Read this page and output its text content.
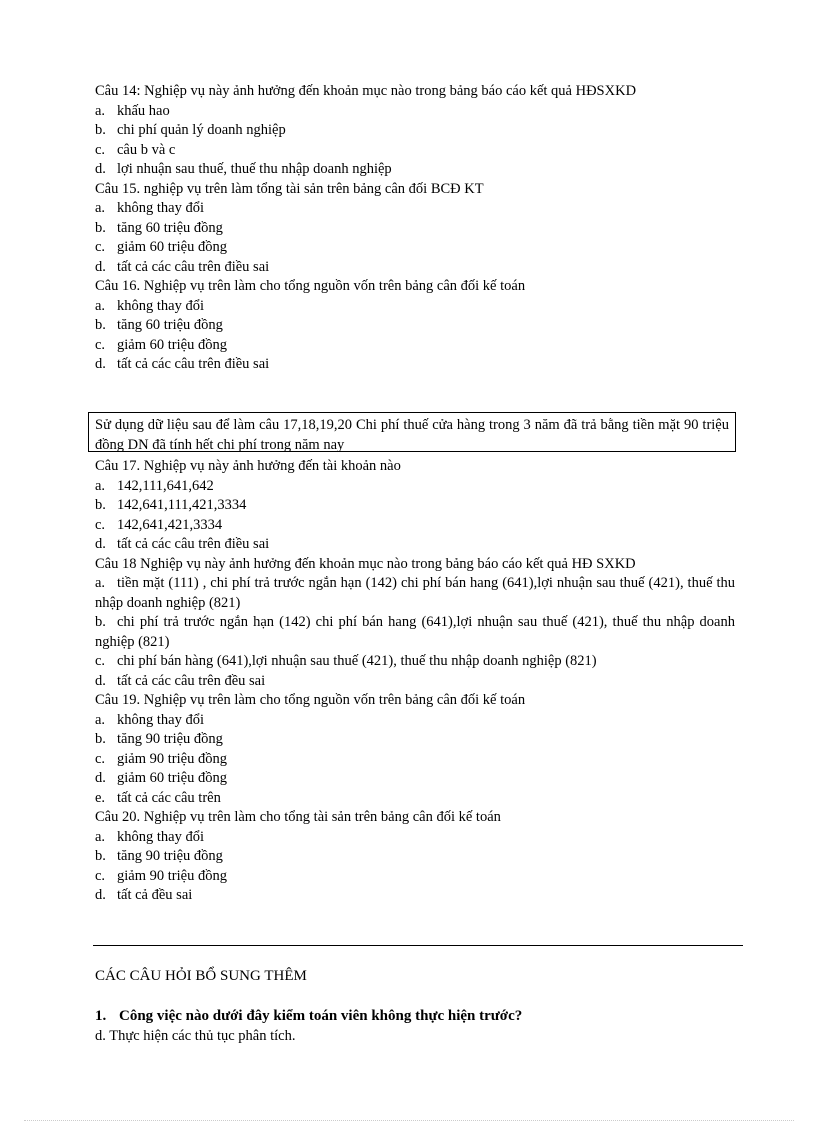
Câu 14: Nghiệp vụ này ảnh hưởng đến khoản mục nào trong bảng báo cáo kết quả HĐSXKD
a. khấu hao
b. chi phí quản lý doanh nghiệp
c. câu b và c
d. lợi nhuận sau thuế, thuế thu nhập doanh nghiệp
Câu 15. nghiệp vụ trên làm tổng tài sản trên bảng cân đối BCĐ KT
a. không thay đổi
b. tăng 60 triệu đồng
c. giảm 60 triệu đồng
d. tất cả các câu trên điều sai
Câu 16. Nghiệp vụ trên làm cho tổng nguồn vốn trên bảng cân đối kế toán
a. không thay đổi
b. tăng 60 triệu đồng
c. giảm 60 triệu đồng
d. tất cả các câu trên điều sai
Sử dụng dữ liệu sau để làm câu 17,18,19,20 Chi phí thuế cửa hàng trong 3 năm đã trả bằng tiền mặt 90 triệu đồng DN đã tính hết chi phí trong năm nay
Câu 17. Nghiệp vụ này ảnh hưởng đến tài khoản nào
a. 142,111,641,642
b. 142,641,111,421,3334
c. 142,641,421,3334
d. tất cả các câu trên điều sai
Câu 18 Nghiệp vụ này ảnh hưởng đến khoản mục nào trong bảng báo cáo kết quả HĐ SXKD
a. tiền mặt (111) , chi phí trả trước ngắn hạn (142) chi phí bán hang (641),lợi nhuận sau thuế (421), thuế thu nhập doanh nghiệp (821)
b. chi phí trả trước ngắn hạn (142) chi phí bán hang (641),lợi nhuận sau thuế (421), thuế thu nhập doanh nghiệp (821)
c. chi phí bán hàng (641),lợi nhuận sau thuế (421), thuế thu nhập doanh nghiệp (821)
d. tất cả các câu trên đều sai
Câu 19. Nghiệp vụ trên làm cho tổng nguồn vốn trên bảng cân đối kế toán
a. không thay đổi
b. tăng 90 triệu đồng
c. giảm 90 triệu đồng
d. giảm 60 triệu đồng
e. tất cả các câu trên
Câu 20. Nghiệp vụ trên làm cho tổng tài sản trên bảng cân đối kế toán
a. không thay đổi
b. tăng 90 triệu đồng
c. giảm 90 triệu đồng
d. tất cả đều sai
CÁC CÂU HỎI BỔ SUNG THÊM
1. Công việc nào dưới đây kiểm toán viên không thực hiện trước?
d. Thực hiện các thủ tục phân tích.
